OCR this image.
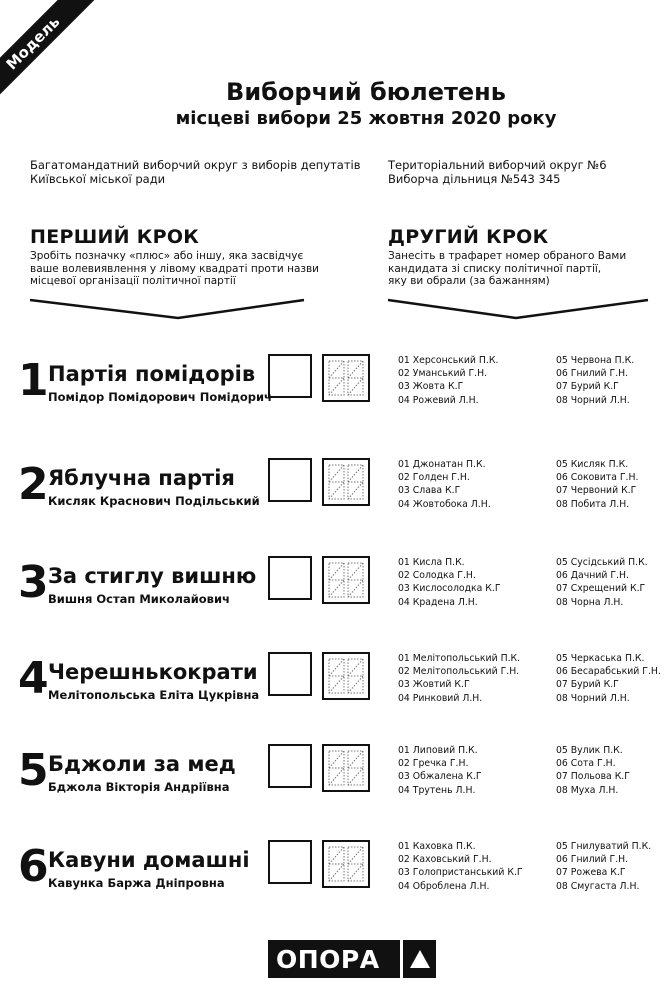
Модель
Виборчий бюлетень
місцеві вибори 25 жовтня 2020 року
Багатомандатний виборчий округ з виборів депутатів
Київської міської ради
Територіальний виборчий округ №6
Виборча дільниця №543 345
ПЕРШИЙ КРОК
Зробіть позначку «плюс» або іншу, яка засвідчує
ваше волевиявлення у лівому квадраті проти назви
місцевої організації політичної партії
ДРУГИЙ КРОК
Занесіть в трафарет номер обраного Вами
кандидата зі списку політичної партії,
яку ви обрали (за бажанням)
1 Партія помідорів
Помідор Помідорович Помідорич
01 Херсонський П.К.
02 Уманський Г.Н.
03 Жовта К.Г
04 Рожевий Л.Н.
05 Червона П.К.
06 Гнилий Г.Н.
07 Бурий К.Г
08 Чорний Л.Н.
2 Яблучна партія
Кисляк Краснович Подільський
01 Джонатан П.К.
02 Голден Г.Н.
03 Слава К.Г
04 Жовтобока Л.Н.
05 Кисляк П.К.
06 Соковита Г.Н.
07 Червоний К.Г
08 Побита Л.Н.
3 За стиглу вишню
Вишня Остап Миколайович
01 Кисла П.К.
02 Солодка Г.Н.
03 Кислосолодка К.Г
04 Крадена Л.Н.
05 Сусідський П.К.
06 Дачний Г.Н.
07 Схрещений К.Г
08 Чорна Л.Н.
4 Черешнькократи
Мелітопольська Еліта Цукрівна
01 Мелітопольський П.К.
02 Мелітопольський Г.Н.
03 Жовтий К.Г
04 Ринковий Л.Н.
05 Черкаська П.К.
06 Бесарабський Г.Н.
07 Бурий К.Г
08 Чорний Л.Н.
5 Бджоли за мед
Бджола Вікторія Андріївна
01 Липовий П.К.
02 Гречка Г.Н.
03 Обжалена К.Г
04 Трутень Л.Н.
05 Вулик П.К.
06 Сота Г.Н.
07 Польова К.Г
08 Муха Л.Н.
6 Кавуни домашні
Кавунка Баржа Дніпровна
01 Каховка П.К.
02 Каховський Г.Н.
03 Голопристанський К.Г
04 Оброблена Л.Н.
05 Гнилуватий П.К.
06 Гнилий Г.Н.
07 Рожева К.Г
08 Смугаста Л.Н.
ОПОРА
